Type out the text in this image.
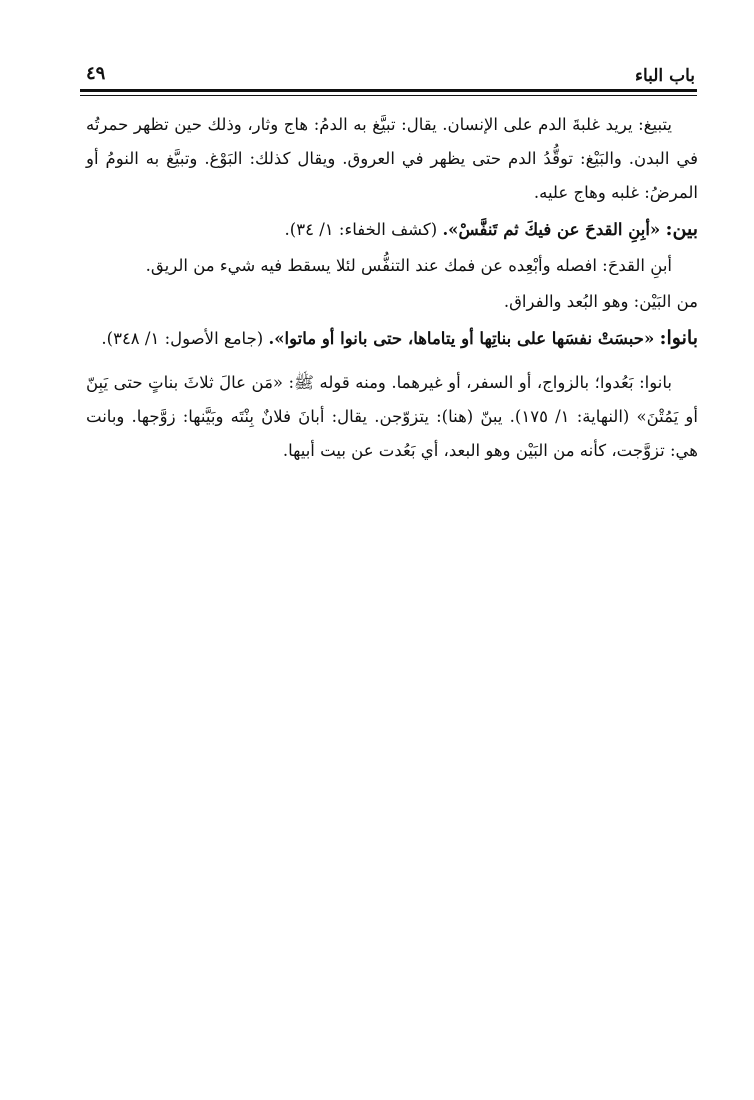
باب الباء
٤٩

يتبيغ: يريد غلبةَ الدم على الإنسان. يقال: تبيَّغ به الدمُ: هاج وثار، وذلك حين تظهر حمرتُه في البدن. والبَيْغ: توقُّدُ الدم حتى يظهر في العروق. ويقال كذلك: البَوْغ. وتبيَّغ به النومُ أو المرضُ: غلبه وهاج عليه.

بين: «أبِنِ القدحَ عن فيكَ ثم تَنفَّسْ». (كشف الخفاء: ١/ ٣٤).

أبنِ القدحَ: افصله وأبْعِده عن فمك عند التنفُّس لئلا يسقط فيه شيء من الريق.

من البَيْن: وهو البُعد والفراق.

بانوا: «حبسَتْ نفسَها على بناتِها أو يتاماها، حتى بانوا أو ماتوا». (جامع الأصول: ١/ ٣٤٨).

بانوا: بَعُدوا؛ بالزواج، أو السفر، أو غيرهما. ومنه قوله ﷺ: «مَن عالَ ثلاثَ بناتٍ حتى يَبِنّ أو يَمُتْنَ» (النهاية: ١/ ١٧٥). يبنّ (هنا): يتزوّجن. يقال: أبانَ فلانٌ بِنْتَه وبَيَّنها: زوَّجها. وبانت هي: تزوَّجت، كأنه من البَيْن وهو البعد، أي بَعُدت عن بيت أبيها.
